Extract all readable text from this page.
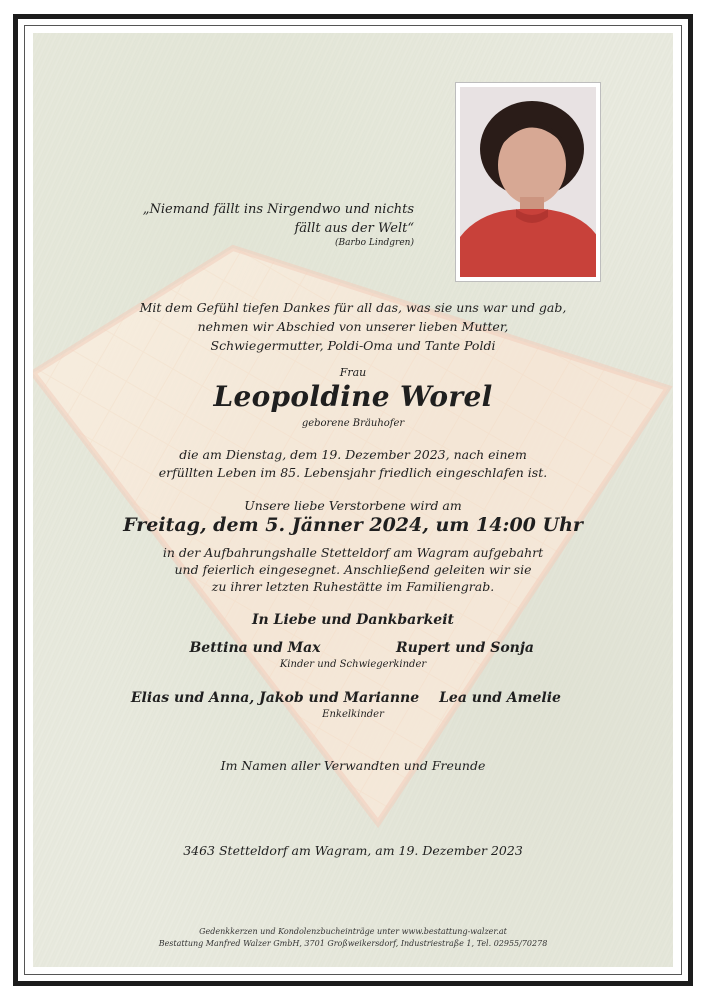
„Niemand fällt ins Nirgendwo und nichts
fällt aus der Welt“
(Barbo Lindgren)
Mit dem Gefühl tiefen Dankes für all das, was sie uns war und gab,
nehmen wir Abschied von unserer lieben Mutter,
Schwiegermutter, Poldi-Oma und Tante Poldi
Frau
Leopoldine Worel
geborene Bräuhofer
die am Dienstag, dem 19. Dezember 2023, nach einem
erfüllten Leben im 85. Lebensjahr friedlich eingeschlafen ist.
Unsere liebe Verstorbene wird am
Freitag, dem 5. Jänner 2024, um 14:00 Uhr
in der Aufbahrungshalle Stetteldorf am Wagram aufgebahrt
und feierlich eingesegnet. Anschließend geleiten wir sie
zu ihrer letzten Ruhestätte im Familiengrab.
In Liebe und Dankbarkeit
Bettina und Max	Rupert und Sonja
Kinder und Schwiegerkinder
Elias und Anna, Jakob und Marianne	Lea und Amelie
Enkelkinder
Im Namen aller Verwandten und Freunde
3463 Stetteldorf am Wagram, am 19. Dezember 2023
Gedenkkerzen und Kondolenzbucheinträge unter www.bestattung-walzer.at
Bestattung Manfred Walzer GmbH, 3701 Großweikersdorf, Industriestraße 1, Tel. 02955/70278
